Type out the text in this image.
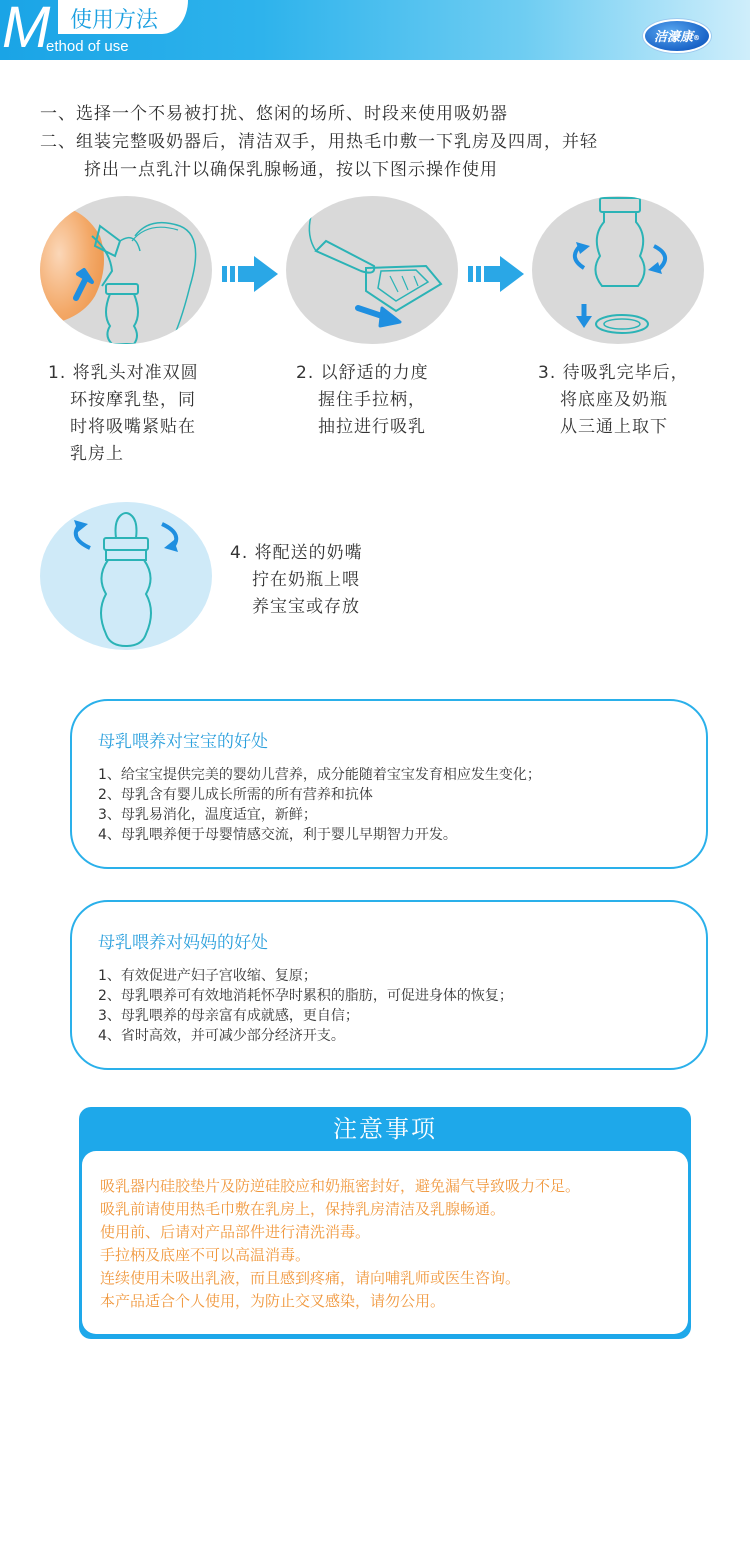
M 使用方法
ethod of use
洁濠康®
一、选择一个不易被打扰、悠闲的场所、时段来使用吸奶器
二、组装完整吸奶器后，清洁双手，用热毛巾敷一下乳房及四周，并轻
挤出一点乳汁以确保乳腺畅通，按以下图示操作使用
1. 将乳头对准双圆
环按摩乳垫，同
时将吸嘴紧贴在
乳房上
2. 以舒适的力度
握住手拉柄，
抽拉进行吸乳
3. 待吸乳完毕后，
将底座及奶瓶
从三通上取下
4. 将配送的奶嘴
拧在奶瓶上喂
养宝宝或存放
母乳喂养对宝宝的好处
1、给宝宝提供完美的婴幼儿营养，成分能随着宝宝发育相应发生变化；
2、母乳含有婴儿成长所需的所有营养和抗体
3、母乳易消化，温度适宜，新鲜；
4、母乳喂养便于母婴情感交流，利于婴儿早期智力开发。
母乳喂养对妈妈的好处
1、有效促进产妇子宫收缩、复原；
2、母乳喂养可有效地消耗怀孕时累积的脂肪，可促进身体的恢复；
3、母乳喂养的母亲富有成就感，更自信；
4、省时高效，并可减少部分经济开支。
注意事项
吸乳器内硅胶垫片及防逆硅胶应和奶瓶密封好，避免漏气导致吸力不足。
吸乳前请使用热毛巾敷在乳房上，保持乳房清洁及乳腺畅通。
使用前、后请对产品部件进行清洗消毒。
手拉柄及底座不可以高温消毒。
连续使用未吸出乳液，而且感到疼痛，请向哺乳师或医生咨询。
本产品适合个人使用，为防止交叉感染，请勿公用。
